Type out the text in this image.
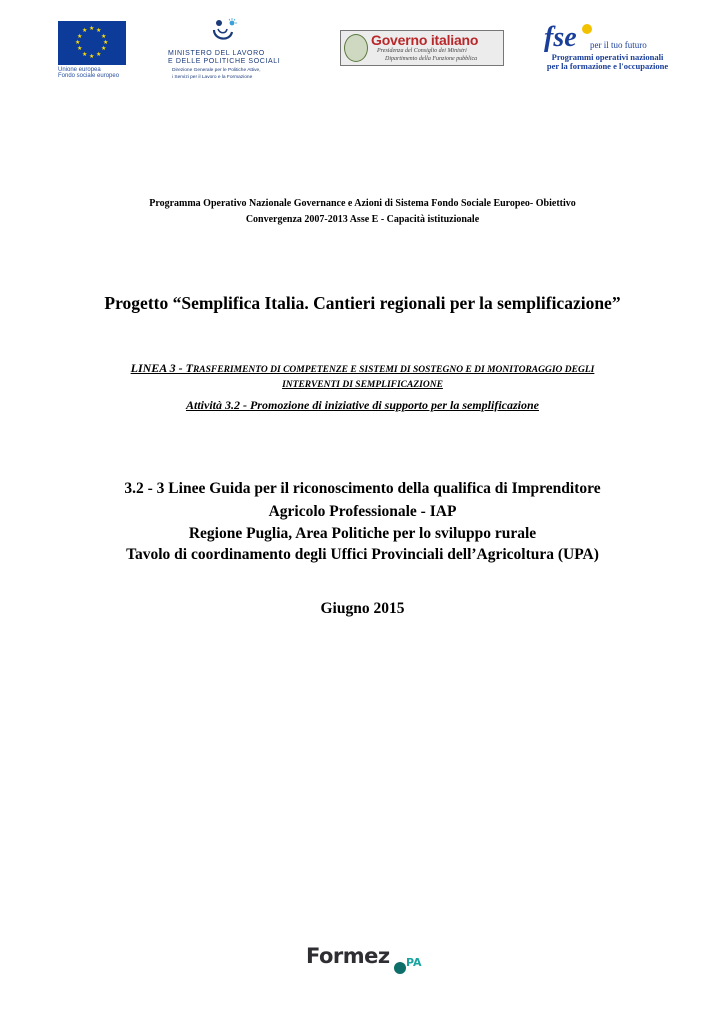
★ ★
★
★
★
★
★
★
★
★
★
★
Unione europea
Fondo sociale europeo
MINISTERO DEL LAVORO
E DELLE POLITICHE SOCIALI
Direzione Generale per le Politiche Attive,
i Servizi per il Lavoro e la Formazione
Governo italiano
Presidenza del Consiglio dei Ministri
Dipartimento della Funzione pubblica
fse per il tuo futuro
Programmi operativi nazionali
per la formazione e l'occupazione
Programma Operativo Nazionale Governance e Azioni di Sistema Fondo Sociale Europeo- Obiettivo
Convergenza 2007-2013 Asse E - Capacità istituzionale
Progetto “Semplifica Italia. Cantieri regionali per la semplificazione”
LINEA 3 - TRASFERIMENTO DI COMPETENZE E SISTEMI DI SOSTEGNO E DI MONITORAGGIO DEGLI
INTERVENTI DI SEMPLIFICAZIONE
Attività 3.2 - Promozione di iniziative di supporto per la semplificazione
3.2 - 3 Linee Guida per il riconoscimento della qualifica di Imprenditore
Agricolo Professionale - IAP
Regione Puglia, Area Politiche per lo sviluppo rurale
Tavolo di coordinamento degli Uffici Provinciali dell’Agricoltura (UPA)
Giugno 2015
Formez PA
